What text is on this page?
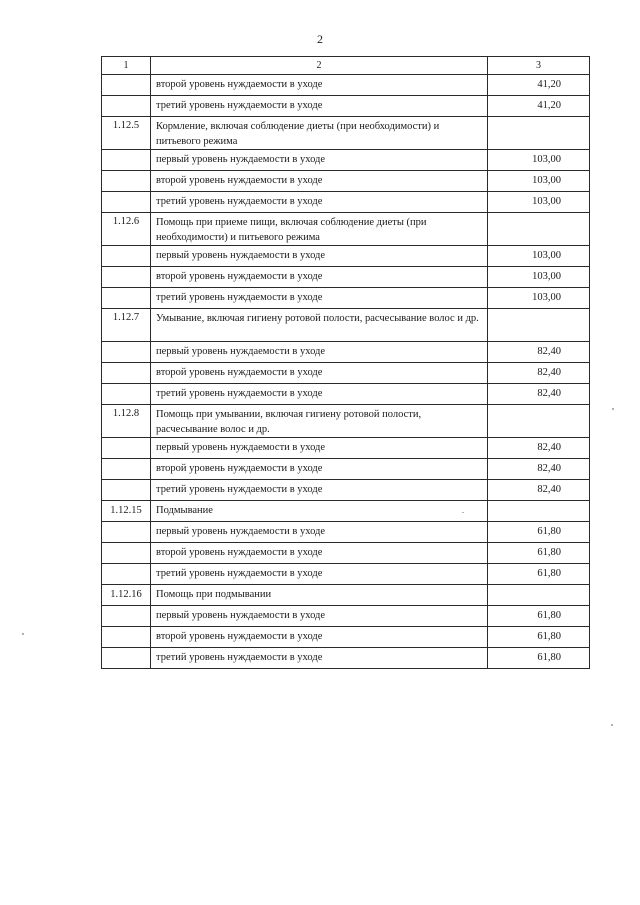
2
1	2	3
	второй уровень нуждаемости в уходе	41,20
	третий уровень нуждаемости в уходе	41,20
1.12.5	Кормление, включая соблюдение диеты (при необходимости) и питьевого режима	
	первый уровень нуждаемости в уходе	103,00
	второй уровень нуждаемости в уходе	103,00
	третий уровень нуждаемости в уходе	103,00
1.12.6	Помощь при приеме пищи, включая соблюдение диеты (при необходимости) и питьевого режима	
	первый уровень нуждаемости в уходе	103,00
	второй уровень нуждаемости в уходе	103,00
	третий уровень нуждаемости в уходе	103,00
1.12.7	Умывание, включая гигиену ротовой полости, расчесывание волос и др.	
	первый уровень нуждаемости в уходе	82,40
	второй уровень нуждаемости в уходе	82,40
	третий уровень нуждаемости в уходе	82,40
1.12.8	Помощь при умывании, включая гигиену ротовой полости, расчесывание волос и др.	
	первый уровень нуждаемости в уходе	82,40
	второй уровень нуждаемости в уходе	82,40
	третий уровень нуждаемости в уходе	82,40
1.12.15	Подмывание	
	первый уровень нуждаемости в уходе	61,80
	второй уровень нуждаемости в уходе	61,80
	третий уровень нуждаемости в уходе	61,80
1.12.16	Помощь при подмывании	
	первый уровень нуждаемости в уходе	61,80
	второй уровень нуждаемости в уходе	61,80
	третий уровень нуждаемости в уходе	61,80
